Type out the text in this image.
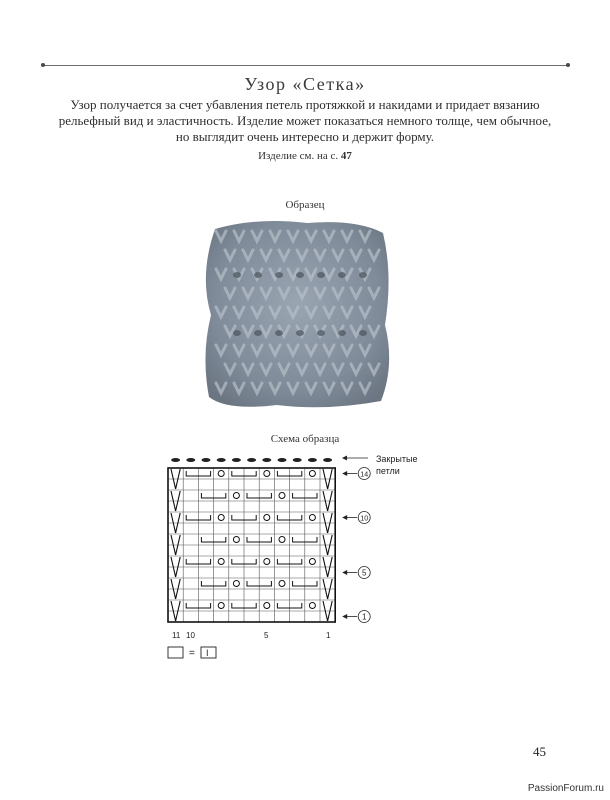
Узор «Сетка»
Узор получается за счет убавления петель протяжкой и накидами и придает вязанию
рельефный вид и эластичность. Изделие может показаться немного толще, чем обычное,
но выглядит очень интересно и держит форму.
Изделие см. на с. 47
Образец
Схема образца
Закрытые
петли
14
10
5
1
11 10	5	1
= I
45
PassionForum.ru
